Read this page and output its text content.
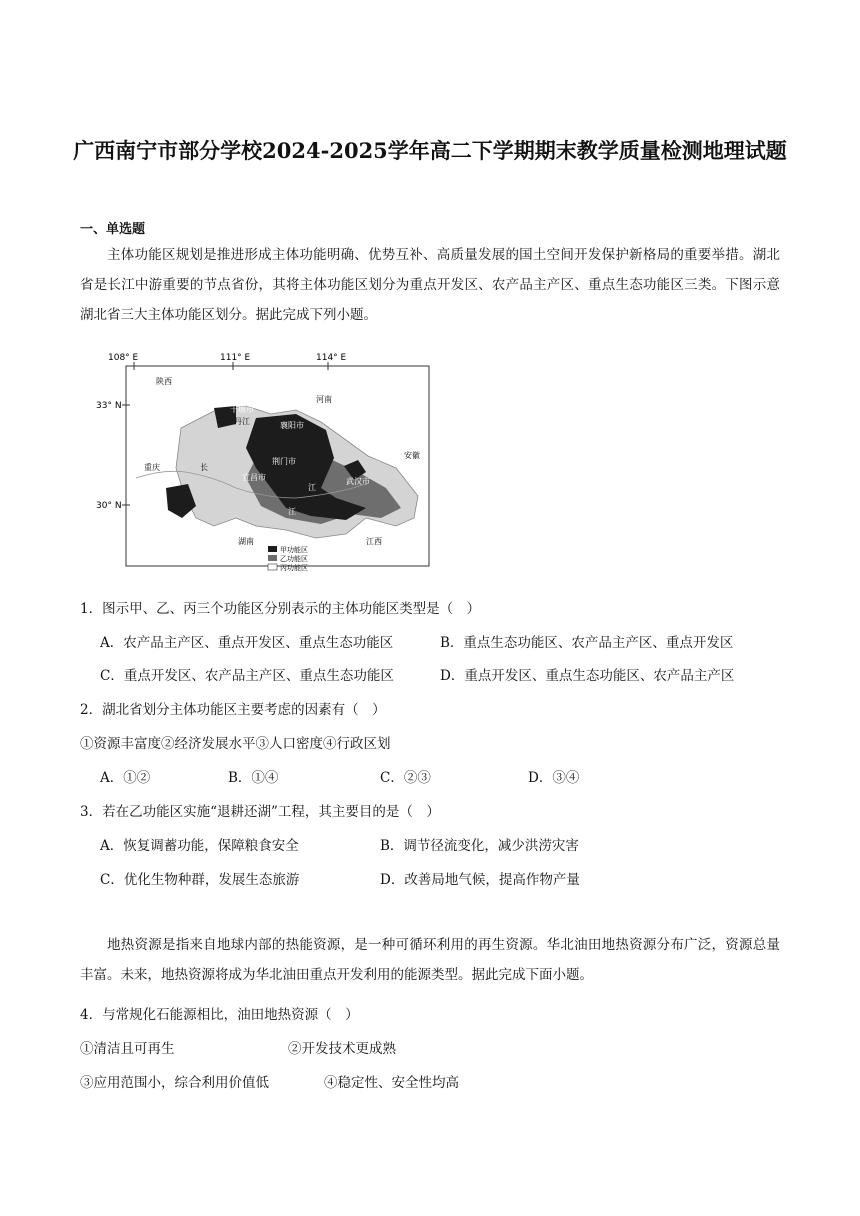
广西南宁市部分学校2024-2025学年高二下学期期末教学质量检测地理试题
一、单选题
主体功能区规划是推进形成主体功能明确、优势互补、高质量发展的国土空间开发保护新格局的重要举措。湖北省是长江中游重要的节点省份，其将主体功能区划分为重点开发区、农产品主产区、重点生态功能区三类。下图示意湖北省三大主体功能区划分。据此完成下列小题。
108° E	111° E	114° E
33° N
30° N
陕西
河南
十堰市
丹江	襄阳市
安徽
重庆	长
荆门市
宜昌市	武汉市
江
江
湖南	江西
甲功能区
乙功能区
丙功能区
1．图示甲、乙、丙三个功能区分别表示的主体功能区类型是（　）
A．农产品主产区、重点开发区、重点生态功能区	B．重点生态功能区、农产品主产区、重点开发区
C．重点开发区、农产品主产区、重点生态功能区	D．重点开发区、重点生态功能区、农产品主产区
2．湖北省划分主体功能区主要考虑的因素有（　）
①资源丰富度②经济发展水平③人口密度④行政区划
A．①②	B．①④	C．②③	D．③④
3．若在乙功能区实施“退耕还湖”工程，其主要目的是（　）
A．恢复调蓄功能，保障粮食安全	B．调节径流变化，减少洪涝灾害
C．优化生物种群，发展生态旅游	D．改善局地气候，提高作物产量
地热资源是指来自地球内部的热能资源，是一种可循环利用的再生资源。华北油田地热资源分布广泛，资源总量丰富。未来，地热资源将成为华北油田重点开发利用的能源类型。据此完成下面小题。
4．与常规化石能源相比，油田地热资源（　）
①清洁且可再生	②开发技术更成熟
③应用范围小，综合利用价值低	④稳定性、安全性均高
